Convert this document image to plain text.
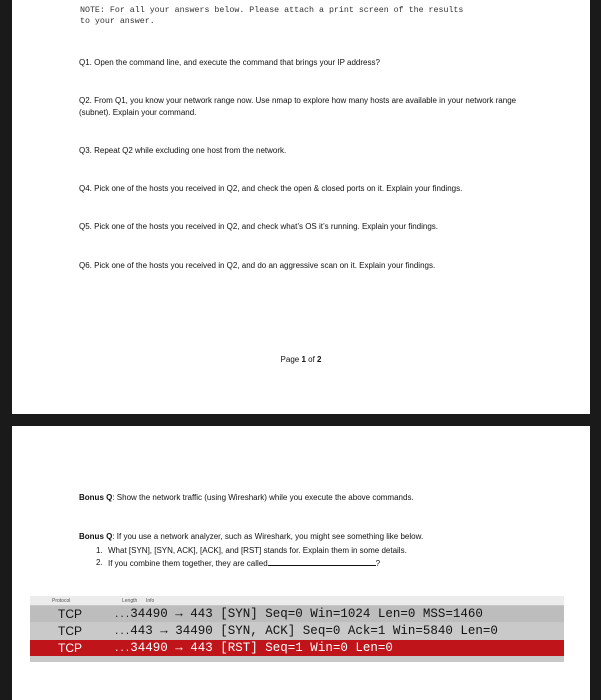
NOTE: For all your answers below. Please attach a print screen of the results
to your answer.
Q1. Open the command line, and execute the command that brings your IP address?
Q2. From Q1, you know your network range now. Use nmap to explore how many hosts are available in your network range (subnet). Explain your command.
Q3. Repeat Q2 while excluding one host from the network.
Q4. Pick one of the hosts you received in Q2, and check the open & closed ports on it. Explain your findings.
Q5. Pick one of the hosts you received in Q2, and check what’s OS it’s running. Explain your findings.
Q6. Pick one of the hosts you received in Q2, and do an aggressive scan on it. Explain your findings.
Page 1 of 2
Bonus Q: Show the network traffic (using Wireshark) while you execute the above commands.
Bonus Q: If you use a network analyzer, such as Wireshark, you might see something like below.
1. What [SYN], [SYN, ACK], [ACK], and [RST] stands for. Explain them in some details.
2. If you combine them together, they are called	?
Protocol	Length Info
TCP	...34490 → 443 [SYN] Seq=0 Win=1024 Len=0 MSS=1460
TCP	...443 → 34490 [SYN, ACK] Seq=0 Ack=1 Win=5840 Len=0
TCP	...34490 → 443 [RST] Seq=1 Win=0 Len=0
